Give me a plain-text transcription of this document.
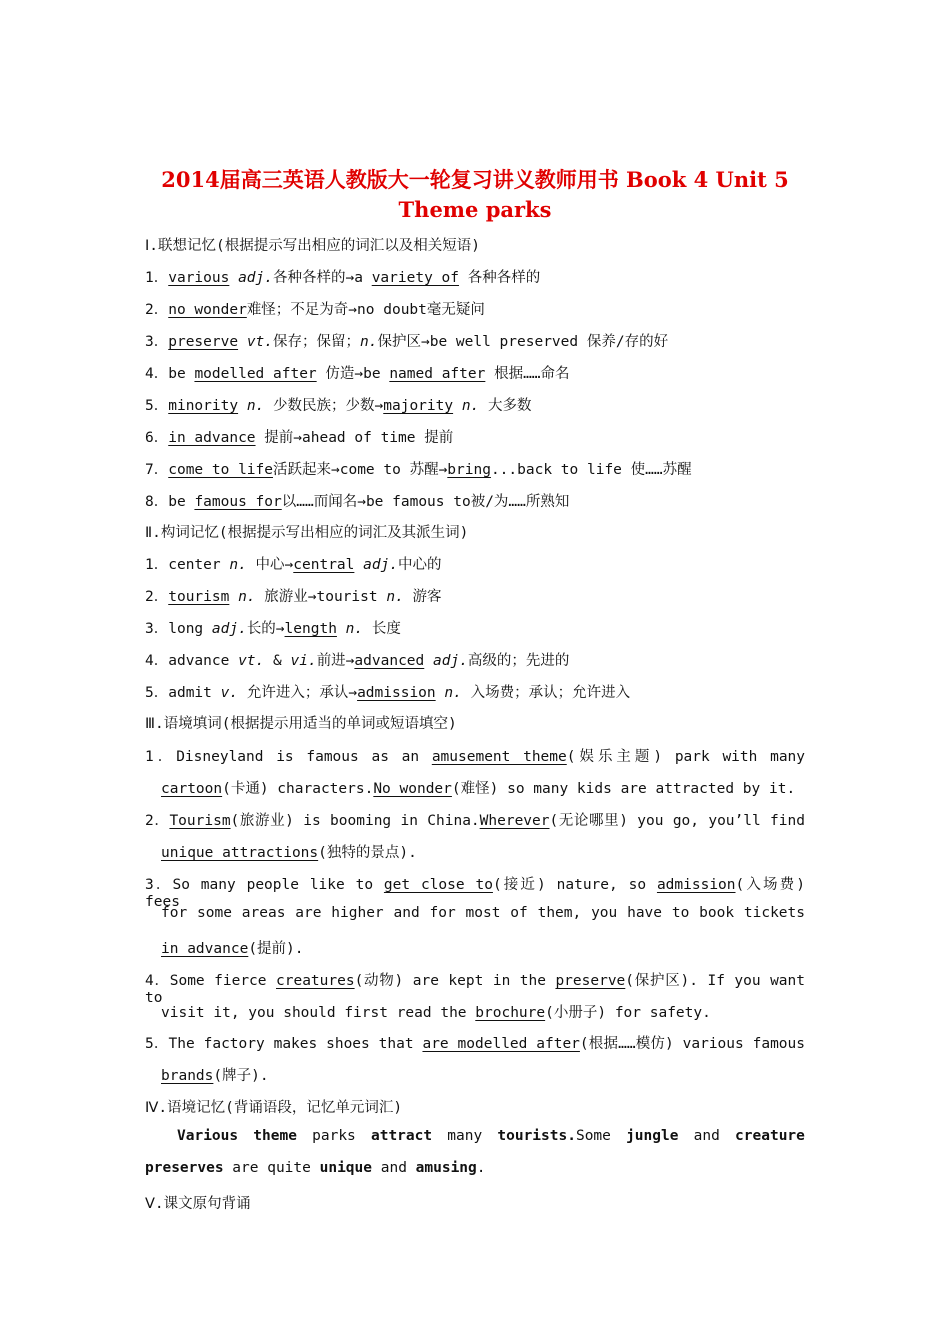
2014届高三英语人教版大一轮复习讲义教师用书 Book 4 Unit 5
Theme parks
Ⅰ.联想记忆(根据提示写出相应的词汇以及相关短语)
1．various adj.各种各样的→a variety of 各种各样的
2．no wonder难怪；不足为奇→no doubt毫无疑问
3．preserve vt.保存；保留；n.保护区→be well preserved 保养/存的好
4．be modelled after 仿造→be named after 根据……命名
5．minority n. 少数民族；少数→majority n. 大多数
6．in advance 提前→ahead of time 提前
7．come to life活跃起来→come to 苏醒→bring...back to life 使……苏醒
8．be famous for以……而闻名→be famous to被/为……所熟知
Ⅱ.构词记忆(根据提示写出相应的词汇及其派生词)
1．center n. 中心→central adj.中心的
2．tourism n. 旅游业→tourist n. 游客
3．long adj.长的→length n. 长度
4．advance vt. & vi.前进→advanced adj.高级的；先进的
5．admit v. 允许进入；承认→admission n. 入场费；承认；允许进入
Ⅲ.语境填词(根据提示用适当的单词或短语填空)
1．Disneyland is famous as an amusement theme(娱乐主题) park with many
cartoon(卡通) characters.No wonder(难怪) so many kids are attracted by it.
2．Tourism(旅游业) is booming in China.Wherever(无论哪里) you go, you’ll find
unique attractions(独特的景点).
3．So many people like to get close to(接近) nature, so admission(入场费) fees
for some areas are higher and for most of them, you have to book tickets
in advance(提前).
4．Some fierce creatures(动物) are kept in the preserve(保护区). If you want to
visit it, you should first read the brochure(小册子) for safety.
5．The factory makes shoes that are modelled after(根据……模仿) various famous
brands(牌子).
Ⅳ.语境记忆(背诵语段，记忆单元词汇)
Various theme parks attract many tourists.Some jungle and creature
preserves are quite unique and amusing.
Ⅴ.课文原句背诵
